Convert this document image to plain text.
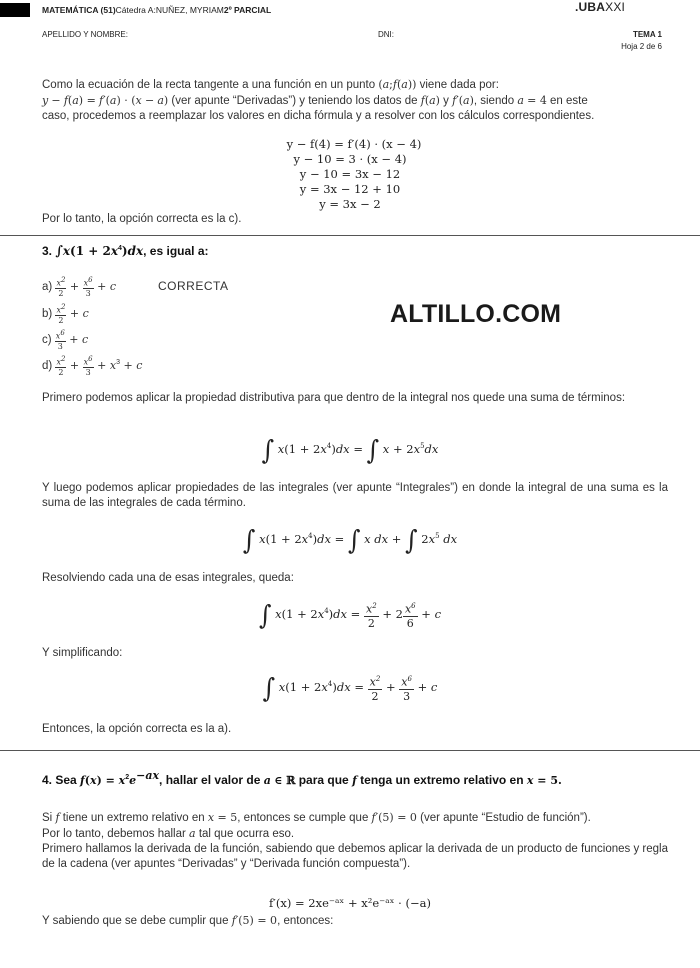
MATEMÁTICA (51)Cátedra A:NUÑEZ, MYRIAM2º PARCIAL	.UBAXXI
APELLIDO Y NOMBRE:	DNI:	TEMA 1
Hoja 2 de 6
Como la ecuación de la recta tangente a una función en un punto (a;f(a)) viene dada por:
y − f(a) = f′(a) · (x − a) (ver apunte “Derivadas”) y teniendo los datos de f(a) y f′(a), siendo a = 4 en este
caso, procedemos a reemplazar los valores en dicha fórmula y a resolver con los cálculos correspondientes.
y − f(4) = f′(4) · (x − 4)
y − 10 = 3 · (x − 4)
y − 10 = 3x − 12
y = 3x − 12 + 10
y = 3x − 2
Por lo tanto, la opción correcta es la c).
3. $\int x(1 + 2x^4)dx$, es igual a:
$a) \frac{x^2}{2} + \frac{x^6}{3} + c$	CORRECTA
$b) \frac{x^2}{2} + c$
$c) \frac{x^6}{3} + c$
$d) \frac{x^2}{2} + \frac{x^6}{3} + x^3 + c$
ALTILLO.COM
Primero podemos aplicar la propiedad distributiva para que dentro de la integral nos quede una suma de términos:
∫ $x(1 + 2x^4)dx$ = ∫ $x + 2x^5dx$
Y luego podemos aplicar propiedades de las integrales (ver apunte “Integrales”) en donde la integral de una suma es la suma de las integrales de cada término.
∫ $x(1 + 2x^4)dx$ = ∫ x dx + ∫ $2x^5$ dx
Resolviendo cada una de esas integrales, queda:
∫ $x(1 + 2x^4)dx = \frac{x^2}{2} + 2 \frac{x^6}{6} + c$
Y simplificando:
∫ $x(1 + 2x^4)dx = \frac{x^2}{2} + \frac{x^6}{3} + c$
Entonces, la opción correcta es la a).
4. Sea $f(x) = x^2e^{-ax}$, hallar el valor de a ∈ ℝ para que f tenga un extremo relativo en x = 5.
Si f tiene un extremo relativo en x = 5, entonces se cumple que f′(5) = 0 (ver apunte “Estudio de función”).
Por lo tanto, debemos hallar a tal que ocurra eso.
Primero hallamos la derivada de la función, sabiendo que debemos aplicar la derivada de un producto de funciones y regla de la cadena (ver apuntes “Derivadas” y “Derivada función compuesta”).
f′(x) = 2xe⁻ᵃˣ + x²e⁻ᵃˣ · (−a)
Y sabiendo que se debe cumplir que f′(5) = 0, entonces:
